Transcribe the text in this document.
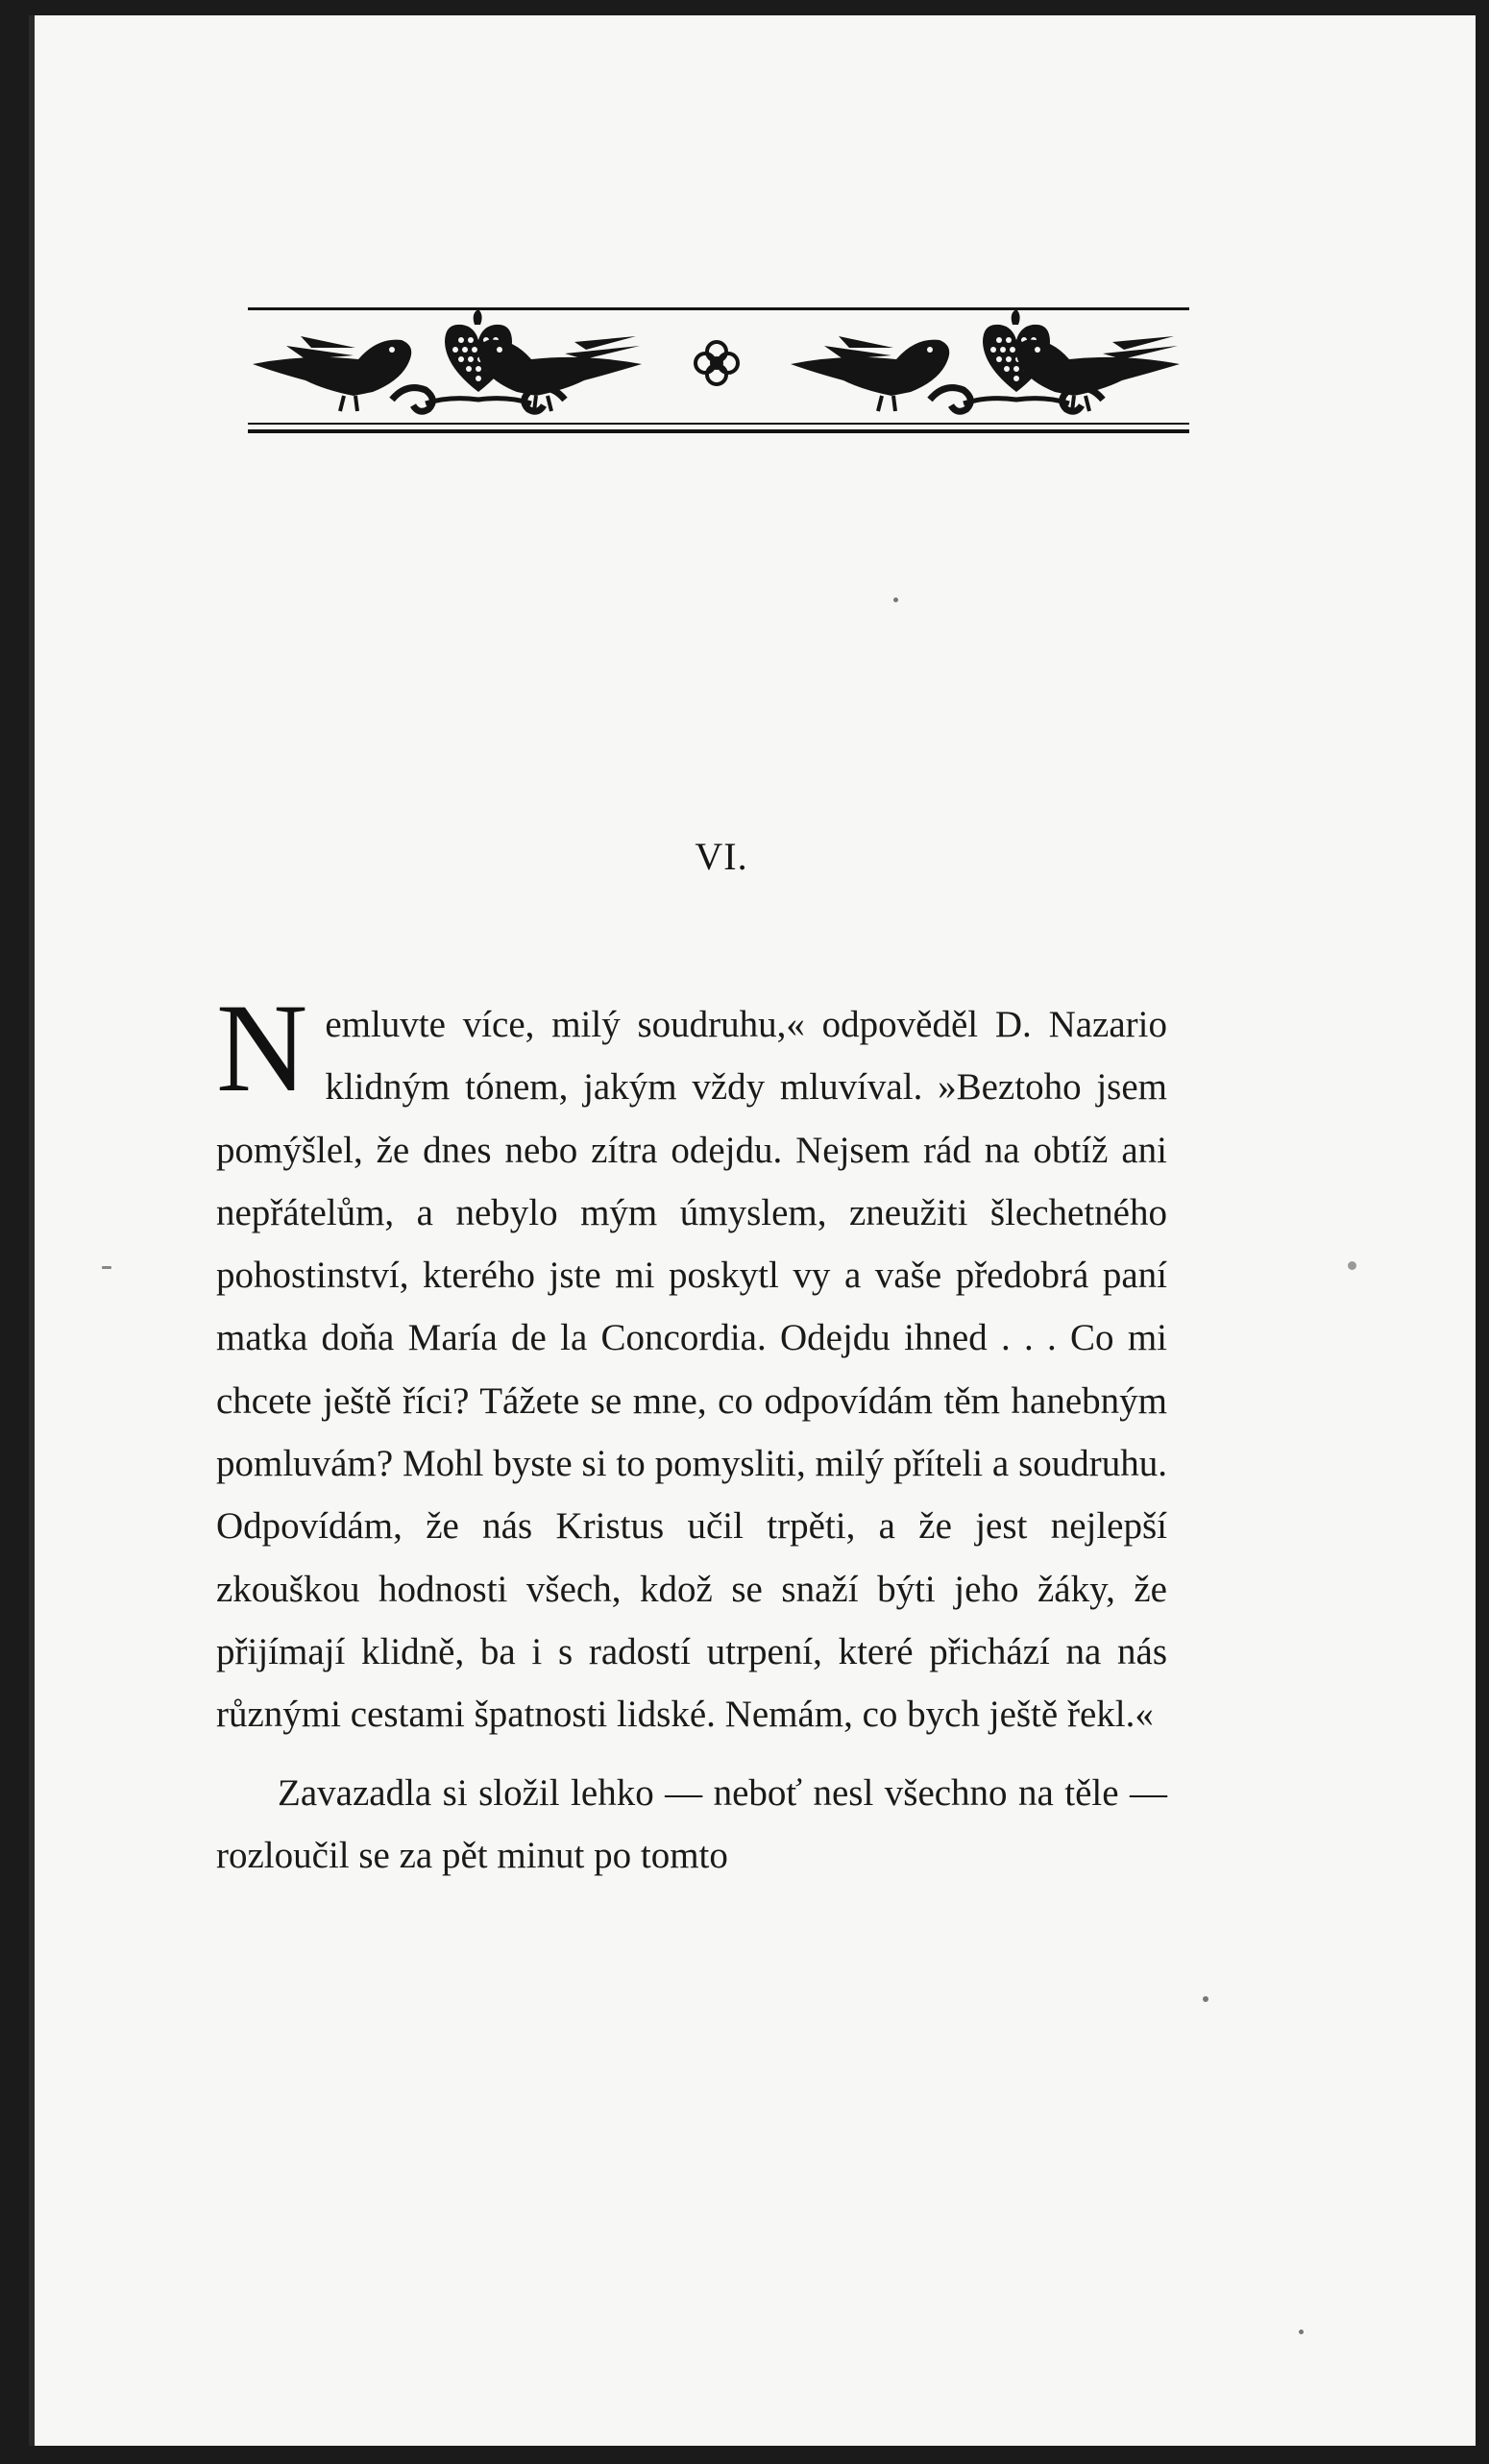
VI.

Nemluvte více, milý soudruhu,« odpověděl D. Nazario klidným tónem, jakým vždy mluvíval. »Beztoho jsem pomýšlel, že dnes nebo zítra odejdu. Nejsem rád na obtíž ani nepřátelům, a nebylo mým úmyslem, zneužiti šlechetného pohostinství, kterého jste mi poskytl vy a vaše předobrá paní matka doňa María de la Concordia. Odejdu ihned . . . Co mi chcete ještě říci? Tážete se mne, co odpovídám těm hanebným pomluvám? Mohl byste si to pomysliti, milý příteli a soudruhu. Odpovídám, že nás Kristus učil trpěti, a že jest nejlepší zkouškou hodnosti všech, kdož se snaží býti jeho žáky, že přijímají klidně, ba i s radostí utrpení, které přichází na nás různými cestami špatnosti lidské. Nemám, co bych ještě řekl.«

Zavazadla si složil lehko — neboť nesl všechno na těle — rozloučil se za pět minut po tomto
